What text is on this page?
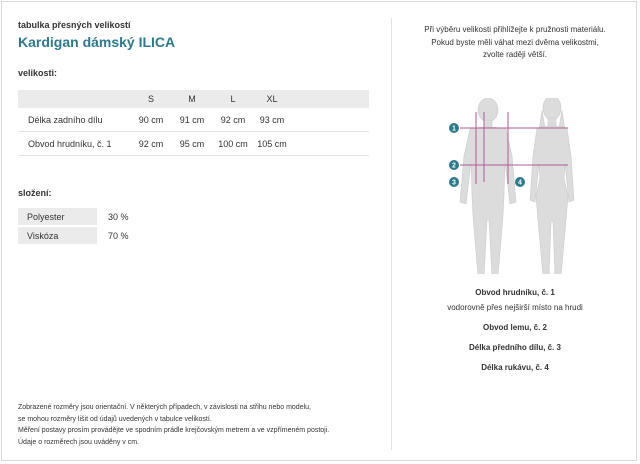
tabulka přesných velikostí

Kardigan dámský ILICA

velikosti:
	S	M	L	XL	
Délka zadního dílu	90 cm	91 cm	92 cm	93 cm	
Obvod hrudníku, č. 1	92 cm	95 cm	100 cm	105 cm	
složení:
Polyester	30 %
Viskóza	70 %
Zobrazené rozměry jsou orientační. V některých případech, v závislosti na střihu nebo modelu,
se mohou rozměry lišit od údajů uvedených v tabulce velikostí.
Měření postavy prosím provádějte ve spodním prádle krejčovským metrem a ve vzpřímeném postoji.
Údaje o rozměrech jsou uváděny v cm.
Při výběru velikosti přihlížejte k pružnosti materiálu.
Pokud byste měli váhat mezi dvěma velikostmi,
zvolte raději větší.
1
2
3	4
Obvod hrudníku, č. 1
vodorovně přes nejširší místo na hrudi
Obvod lemu, č. 2
Délka předního dílu, č. 3
Délka rukávu, č. 4
